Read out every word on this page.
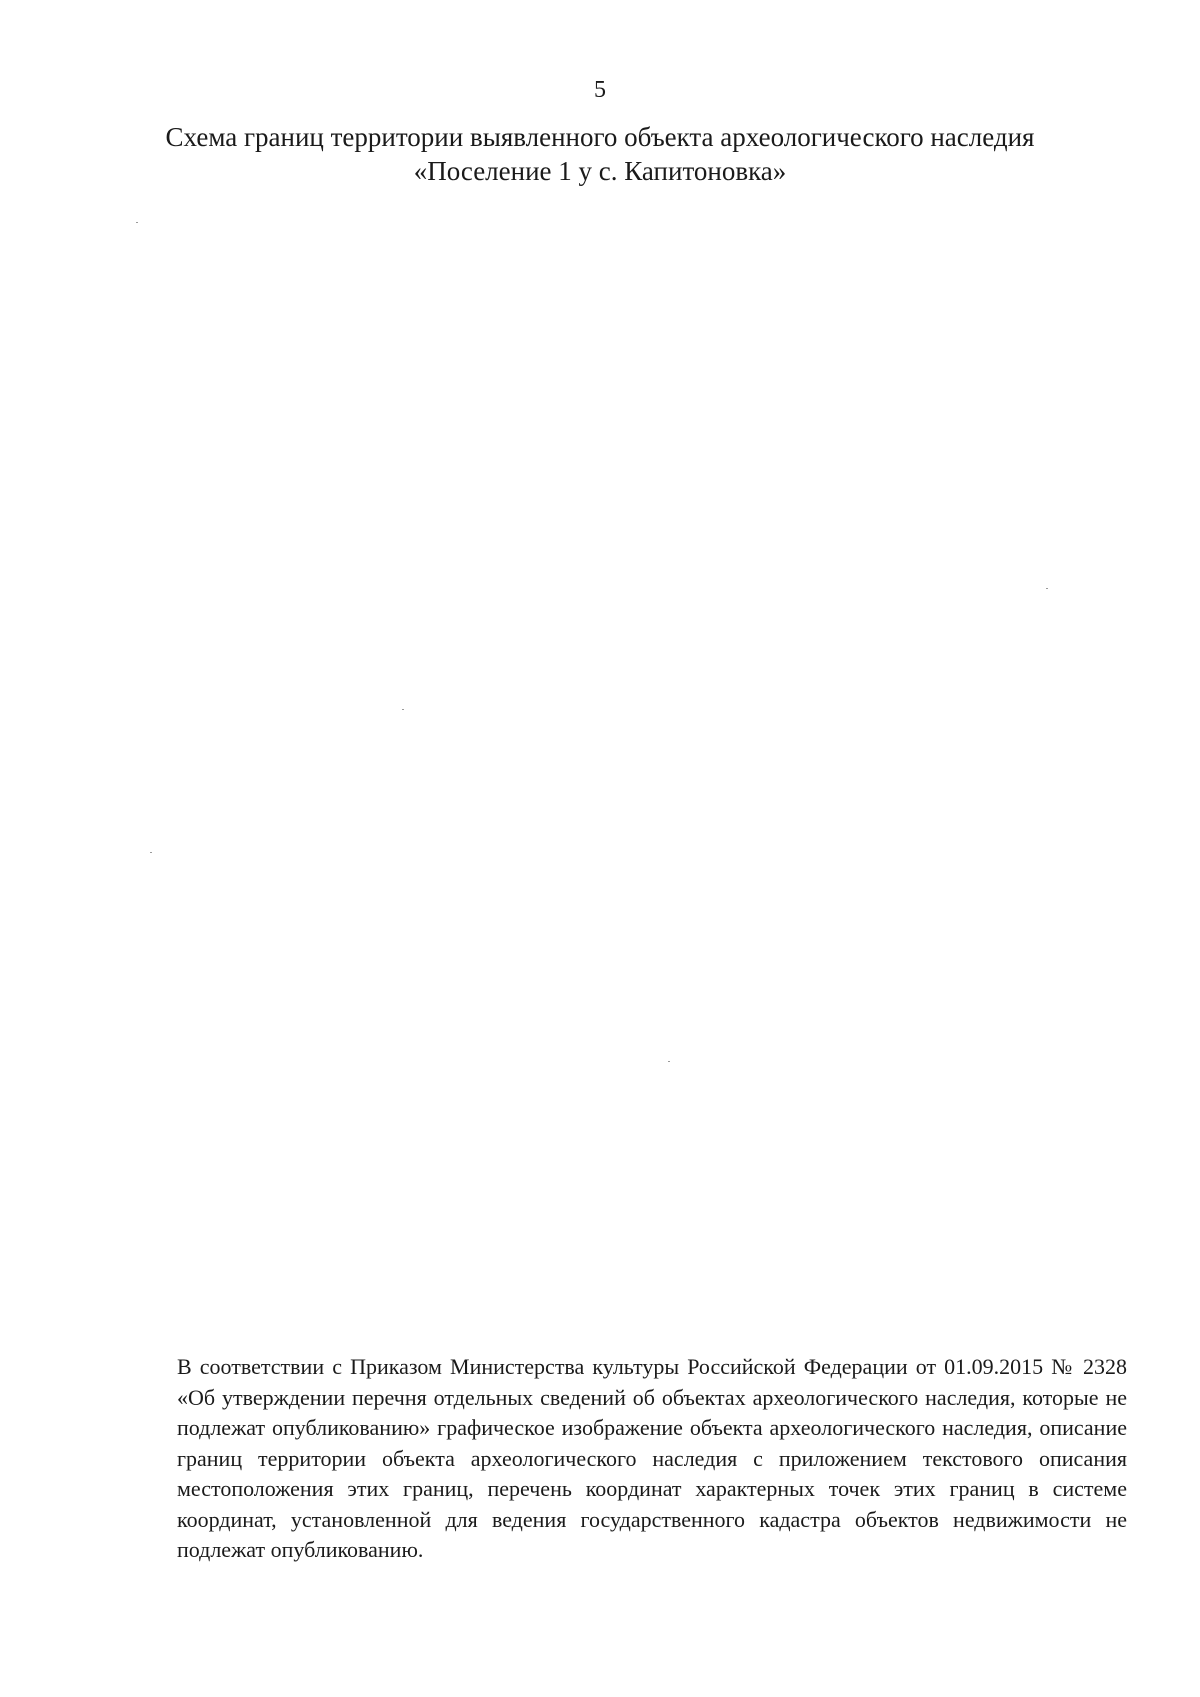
5
Схема границ территории выявленного объекта археологического наследия
«Поселение 1 у с. Капитоновка»
В соответствии с Приказом Министерства культуры Российской Федерации от 01.09.2015 № 2328 «Об утверждении перечня отдельных сведений об объектах археологического наследия, которые не подлежат опубликованию» графическое изображение объекта археологического наследия, описание границ территории объекта археологического наследия с приложением текстового описания местоположения этих границ, перечень координат характерных точек этих границ в системе координат, установленной для ведения государственного кадастра объектов недвижимости не подлежат опубликованию.
